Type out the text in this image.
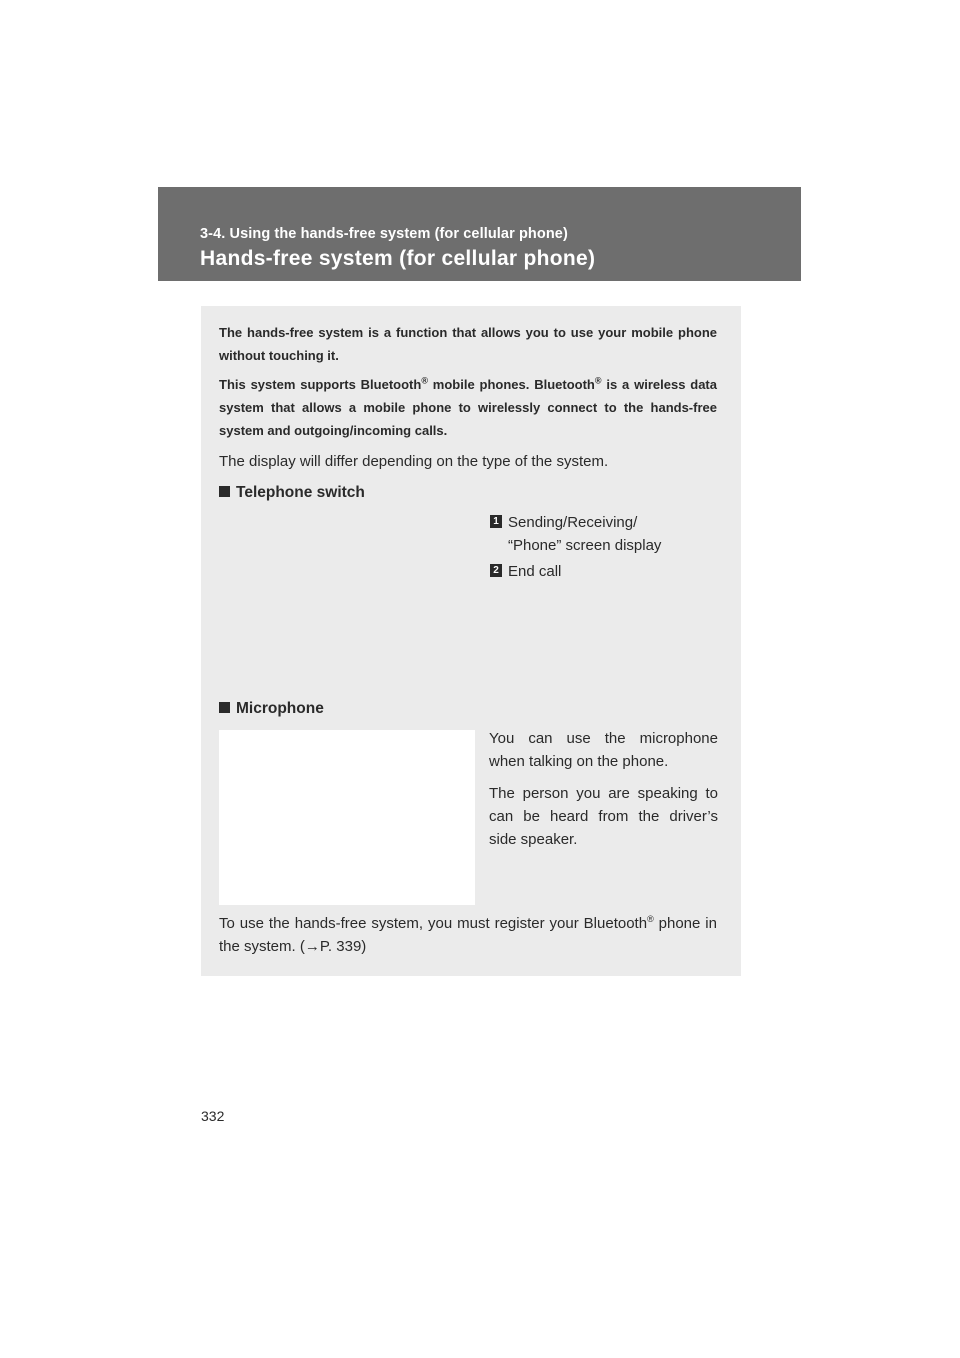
3-4. Using the hands-free system (for cellular phone)
Hands-free system (for cellular phone)

The hands-free system is a function that allows you to use your mobile phone without touching it.

This system supports Bluetooth® mobile phones. Bluetooth® is a wireless data system that allows a mobile phone to wirelessly connect to the hands-free system and outgoing/incoming calls.

The display will differ depending on the type of the system.

Telephone switch
1 Sending/Receiving/
“Phone” screen display

2 End call

Microphone

You can use the microphone when talking on the phone.

The person you are speaking to can be heard from the driver’s side speaker.

To use the hands-free system, you must register your Bluetooth® phone in the system. (→P. 339)

332
